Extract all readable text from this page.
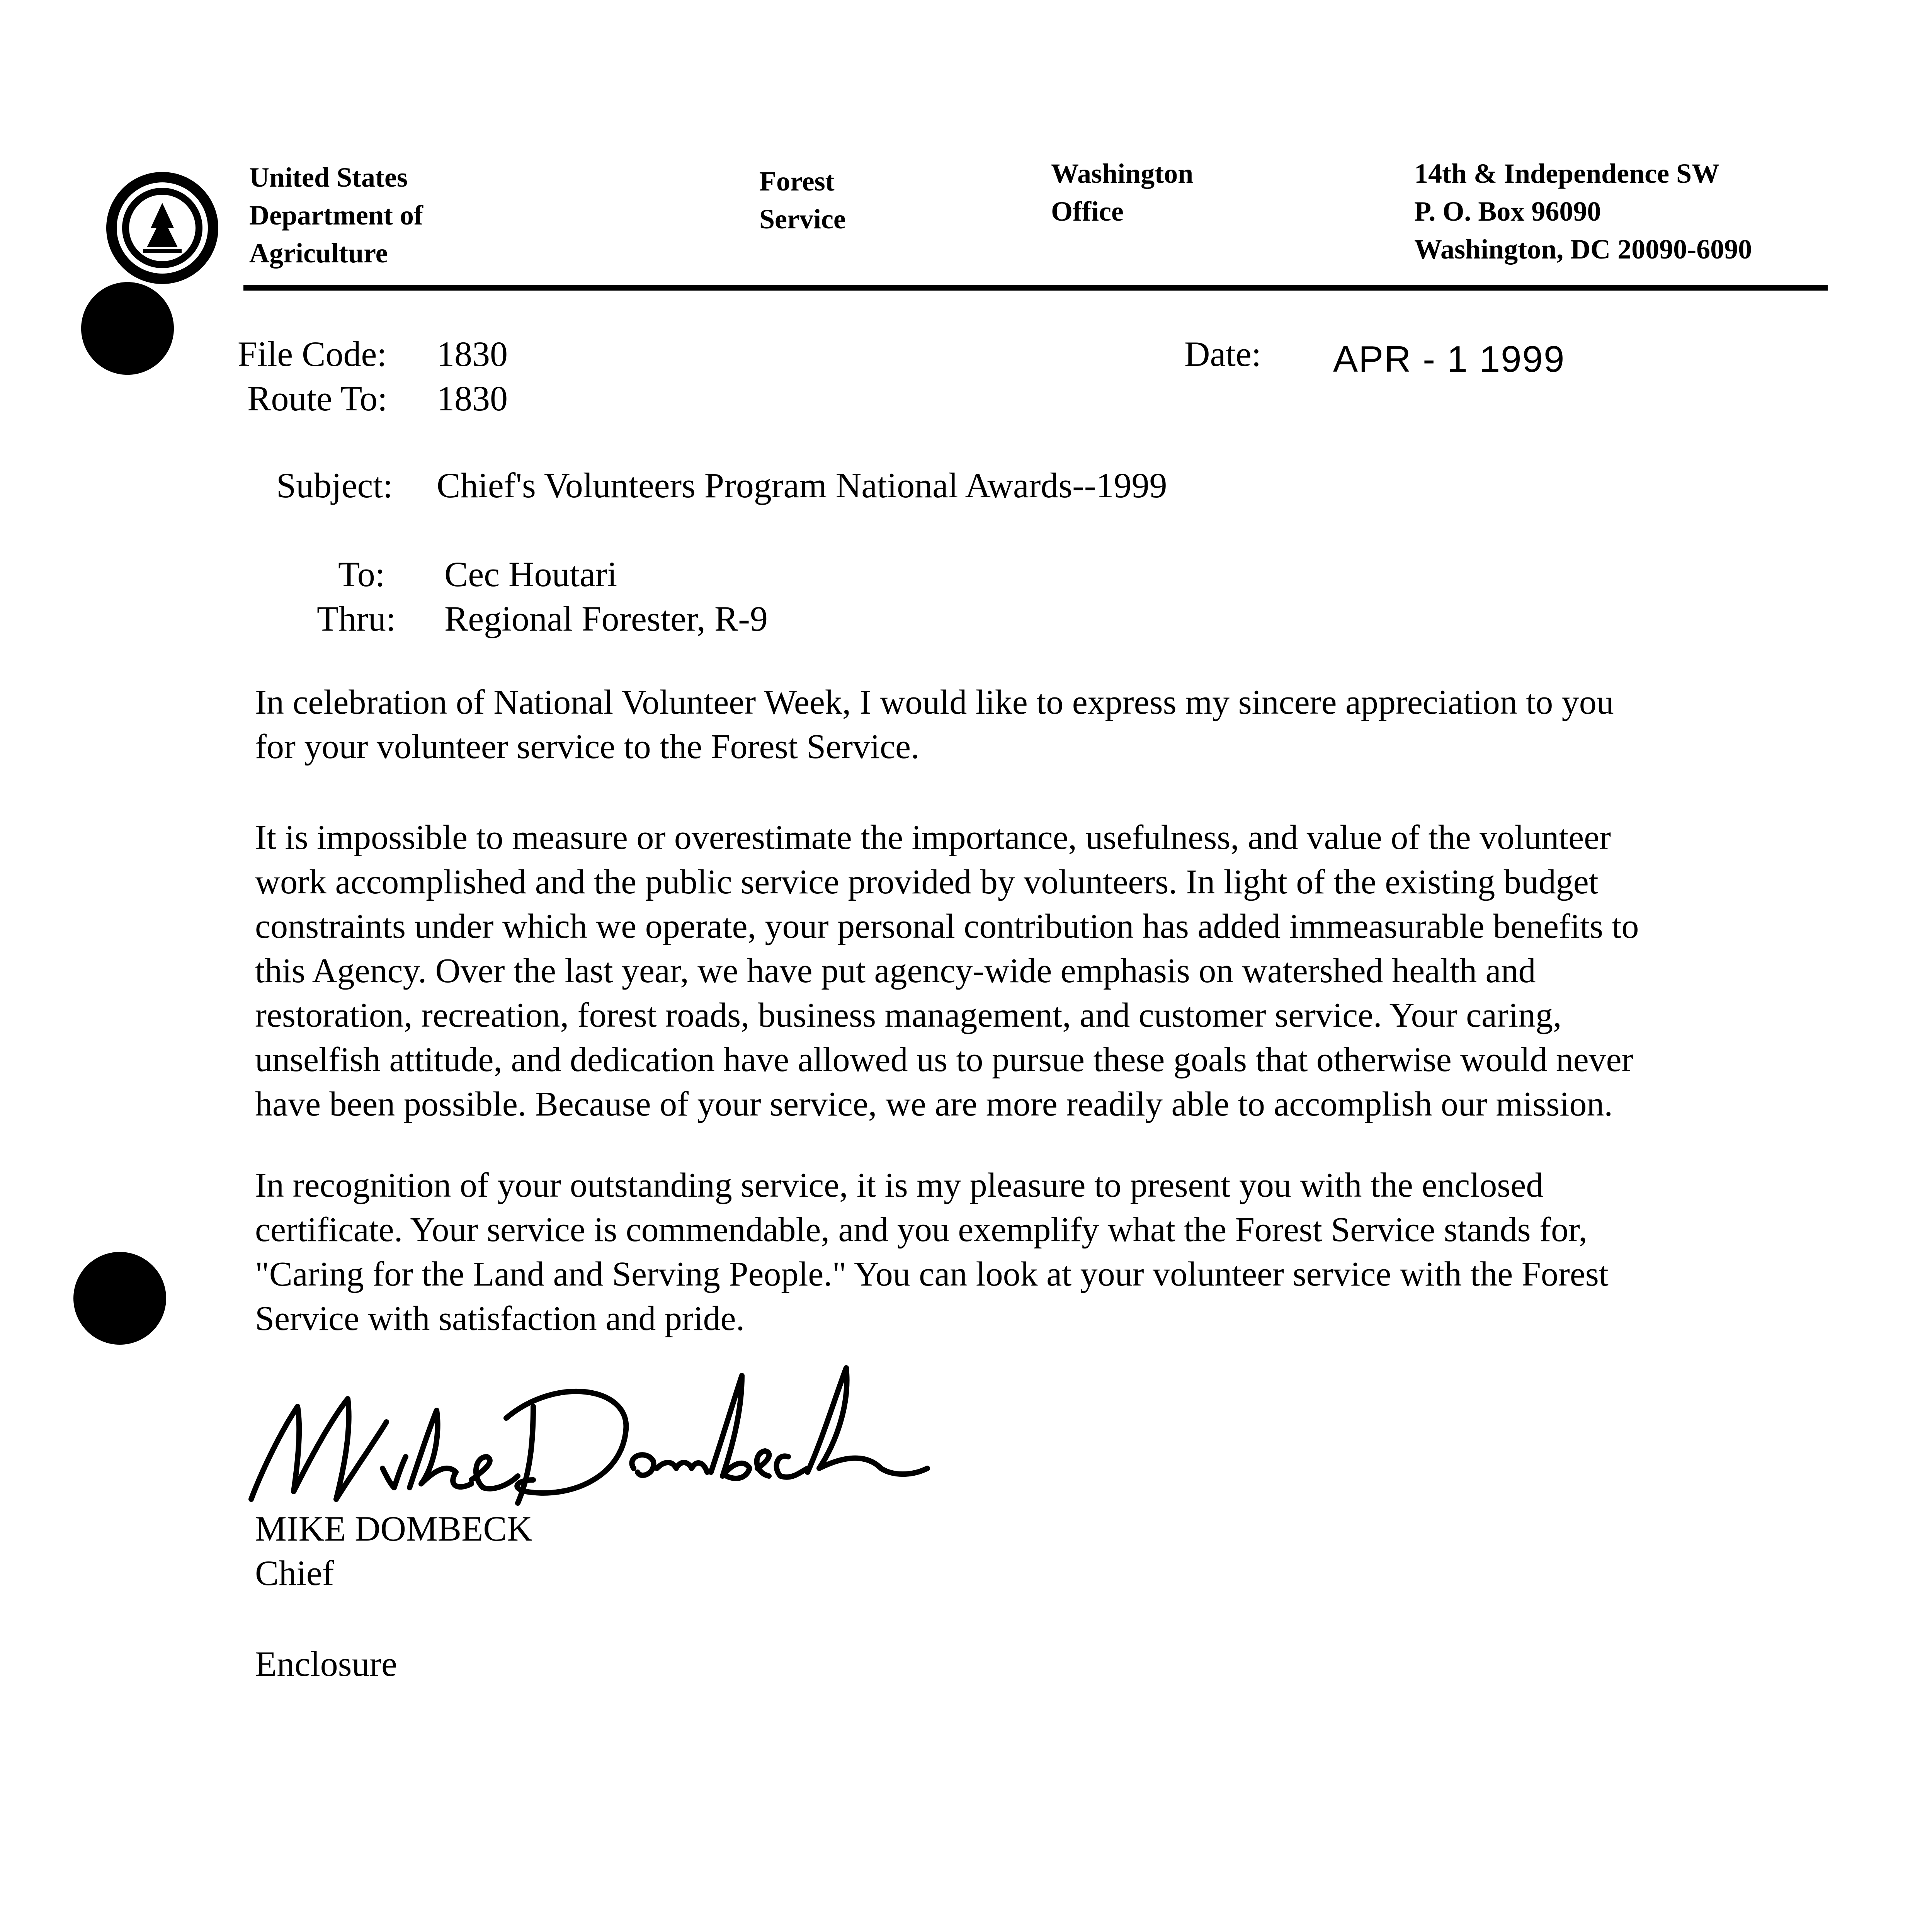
United States
Department of
Agriculture
Forest
Service
Washington
Office
14th & Independence SW
P. O. Box 96090
Washington, DC 20090-6090
File Code: 1830
Route To: 1830
Date: APR - 1 1999
Subject: Chief's Volunteers Program National Awards--1999
To: Cec Houtari
Thru: Regional Forester, R-9
In celebration of National Volunteer Week, I would like to express my sincere appreciation to you
for your volunteer service to the Forest Service.
It is impossible to measure or overestimate the importance, usefulness, and value of the volunteer
work accomplished and the public service provided by volunteers. In light of the existing budget
constraints under which we operate, your personal contribution has added immeasurable benefits to
this Agency. Over the last year, we have put agency-wide emphasis on watershed health and
restoration, recreation, forest roads, business management, and customer service. Your caring,
unselfish attitude, and dedication have allowed us to pursue these goals that otherwise would never
have been possible. Because of your service, we are more readily able to accomplish our mission.
In recognition of your outstanding service, it is my pleasure to present you with the enclosed
certificate. Your service is commendable, and you exemplify what the Forest Service stands for,
"Caring for the Land and Serving People." You can look at your volunteer service with the Forest
Service with satisfaction and pride.
MIKE DOMBECK
Chief
Enclosure
